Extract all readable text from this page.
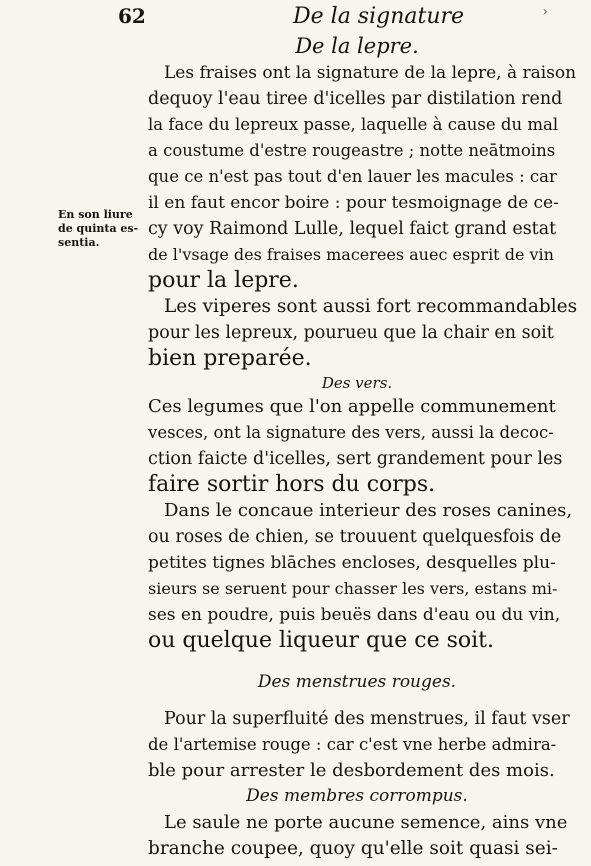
62	De la signature	›
De la lepre.
Les fraises ont la signature de la lepre, à raison
dequoy l'eau tiree d'icelles par distilation rend
la face du lepreux passe, laquelle à cause du mal
a coustume d'estre rougeastre ; notte neātmoins
que ce n'est pas tout d'en lauer les macules : car
il en faut encor boire : pour tesmoignage de ce-
cy voy Raimond Lulle, lequel faict grand estat
de l'vsage des fraises macerees auec esprit de vin
pour la lepre.
Les viperes sont aussi fort recommandables
pour les lepreux, pourueu que la chair en soit
bien preparée.
En son liure
de quinta es-
sentia.
Des vers.
Ces legumes que l'on appelle communement
vesces, ont la signature des vers, aussi la decoc-
ction faicte d'icelles, sert grandement pour les
faire sortir hors du corps.
Dans le concaue interieur des roses canines,
ou roses de chien, se trouuent quelquesfois de
petites tignes blāches encloses, desquelles plu-
sieurs se seruent pour chasser les vers, estans mi-
ses en poudre, puis beuës dans d'eau ou du vin,
ou quelque liqueur que ce soit.
Des menstrues rouges.
Pour la superfluité des menstrues, il faut vser
de l'artemise rouge : car c'est vne herbe admira-
ble pour arrester le desbordement des mois.
Des membres corrompus.
Le saule ne porte aucune semence, ains vne
branche coupee, quoy qu'elle soit quasi sei-
